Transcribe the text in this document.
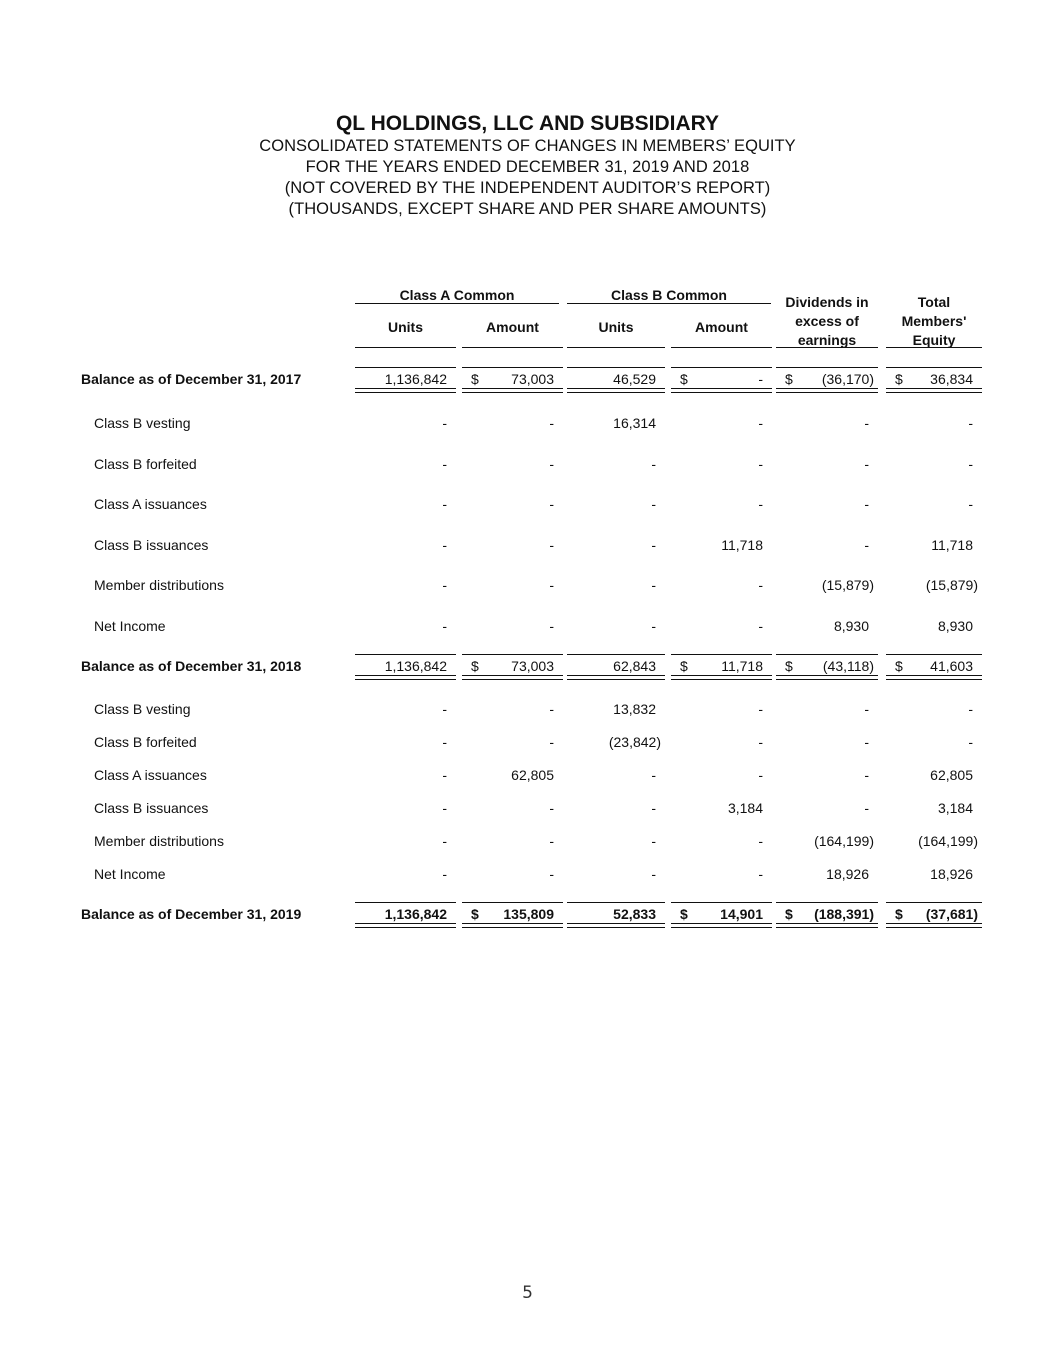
QL HOLDINGS, LLC AND SUBSIDIARY
CONSOLIDATED STATEMENTS OF CHANGES IN MEMBERS’ EQUITY
FOR THE YEARS ENDED DECEMBER 31, 2019 AND 2018
(NOT COVERED BY THE INDEPENDENT AUDITOR’S REPORT)
(THOUSANDS, EXCEPT SHARE AND PER SHARE AMOUNTS)
Class A Common	Class B Common
Units	Amount	Units	Amount
Dividends in
excess of
earnings
Total
Members'
Equity
Balance as of December 31, 2017	1,136,842 $	73,003	46,529 $	- $	(36,170) $	36,834
Class B vesting	-	-	16,314	-	-	-
Class B forfeited	-	-	-	-	-	-
Class A issuances	-	-	-	-	-	-
Class B issuances	-	-	-	11,718	-	11,718
Member distributions	-	-	-	-	(15,879)	(15,879)
Net Income	-	-	-	-	8,930	8,930
Balance as of December 31, 2018	1,136,842 $	73,003	62,843 $	11,718 $	(43,118) $	41,603
Class B vesting	-	-	13,832	-	-	-
Class B forfeited	-	-	(23,842)	-	-	-
Class A issuances	-	62,805	-	-	-	62,805
Class B issuances	-	-	-	3,184	-	3,184
Member distributions	-	-	-	-	(164,199)	(164,199)
Net Income	-	-	-	-	18,926	18,926
Balance as of December 31, 2019	1,136,842 $	135,809	52,833 $	14,901 $	(188,391) $	(37,681)
5
